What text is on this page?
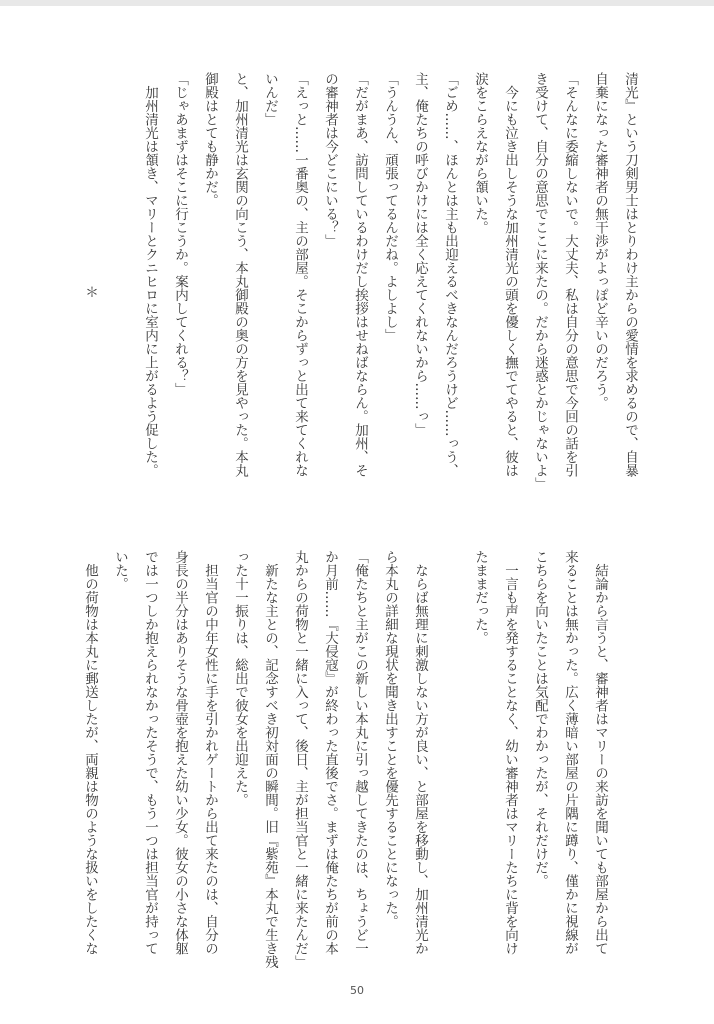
清光』という刀剣男士はとりわけ主からの愛情を求めるので、自暴
自棄になった審神者の無干渉がよっぽど辛いのだろう。
「そんなに委縮しないで。大丈夫、私は自分の意思で今回の話を引
き受けて、自分の意思でここに来たの。だから迷惑とかじゃないよ」
　今にも泣き出しそうな加州清光の頭を優しく撫でてやると、彼は
涙をこらえながら頷いた。
「ごめ……、ほんとは主も出迎えるべきなんだろうけど……っう、
主、俺たちの呼びかけには全く応えてくれないから……っ」
「うんうん、頑張ってるんだね。よしよし」
「だがまあ、訪問しているわけだし挨拶はせねばならん。加州、そ
の審神者は今どこにいる？」
「えっと……一番奥の、主の部屋。そこからずっと出て来てくれな
いんだ」
と、加州清光は玄関の向こう、本丸御殿の奥の方を見やった。本丸
御殿はとても静かだ。
「じゃあまずはそこに行こうか。案内してくれる？」
　加州清光は頷き、マリーとクニヒロに室内に上がるよう促した。

＊

　結論から言うと、審神者はマリーの来訪を聞いても部屋から出て
来ることは無かった。広く薄暗い部屋の片隅に蹲り、僅かに視線が
こちらを向いたことは気配でわかったが、それだけだ。
　一言も声を発することなく、幼い審神者はマリーたちに背を向け
たままだった。

　ならば無理に刺激しない方が良い、と部屋を移動し、加州清光か
ら本丸の詳細な現状を聞き出すことを優先することになった。
「俺たちと主がこの新しい本丸に引っ越してきたのは、ちょうど一
か月前……『大侵寇』が終わった直後でさ。まずは俺たちが前の本
丸からの荷物と一緒に入って、後日、主が担当官と一緒に来たんだ」
　新たな主との、記念すべき初対面の瞬間。旧『紫苑』本丸で生き残
った十一振りは、総出で彼女を出迎えた。
　担当官の中年女性に手を引かれゲートから出て来たのは、自分の
身長の半分はありそうな骨壺を抱えた幼い少女。彼女の小さな体躯
では一つしか抱えられなかったそうで、もう一つは担当官が持って
いた。
　他の荷物は本丸に郵送したが、両親は物のような扱いをしたくな
50
